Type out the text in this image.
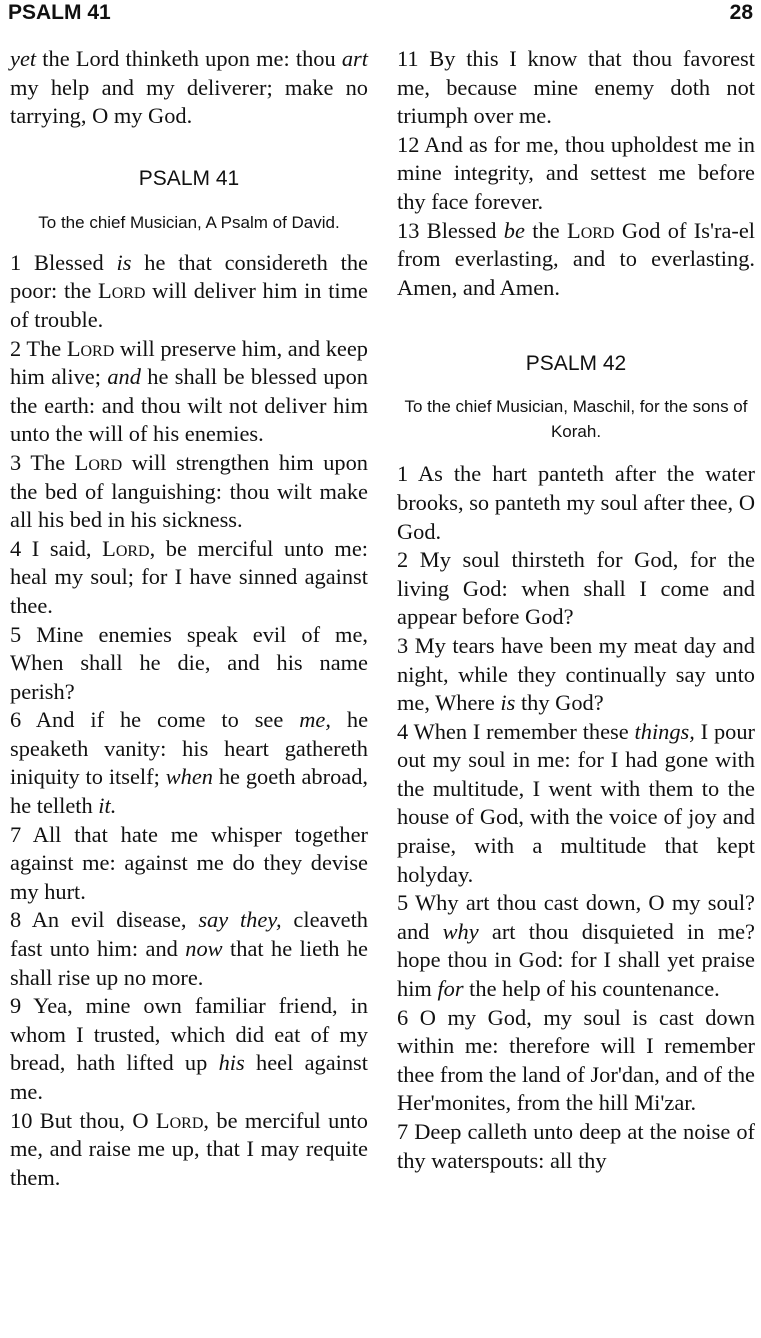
PSALM 41	28

yet the Lord thinketh upon me: thou art my help and my deliverer; make no tarrying, O my God.

PSALM 41

To the chief Musician, A Psalm of David.

1 Blessed is he that considereth the poor: the Lord will deliver him in time of trouble.

2 The Lord will preserve him, and keep him alive; and he shall be blessed upon the earth: and thou wilt not deliver him unto the will of his enemies.

3 The Lord will strengthen him upon the bed of languishing: thou wilt make all his bed in his sickness.

4 I said, Lord, be merciful unto me: heal my soul; for I have sinned against thee.

5 Mine enemies speak evil of me, When shall he die, and his name perish?

6 And if he come to see me, he speaketh vanity: his heart gathereth iniquity to itself; when he goeth abroad, he telleth it.

7 All that hate me whisper together against me: against me do they devise my hurt.

8 An evil disease, say they, cleaveth fast unto him: and now that he lieth he shall rise up no more.

9 Yea, mine own familiar friend, in whom I trusted, which did eat of my bread, hath lifted up his heel against me.

10 But thou, O Lord, be merciful unto me, and raise me up, that I may requite them.

11 By this I know that thou favorest me, because mine enemy doth not triumph over me.

12 And as for me, thou upholdest me in mine integrity, and settest me before thy face forever.

13 Blessed be the Lord God of Is'ra-el from everlasting, and to everlasting. Amen, and Amen.

PSALM 42

To the chief Musician, Maschil, for the sons of Korah.

1 As the hart panteth after the water brooks, so panteth my soul after thee, O God.

2 My soul thirsteth for God, for the living God: when shall I come and appear before God?

3 My tears have been my meat day and night, while they continually say unto me, Where is thy God?

4 When I remember these things, I pour out my soul in me: for I had gone with the multitude, I went with them to the house of God, with the voice of joy and praise, with a multitude that kept holyday.

5 Why art thou cast down, O my soul? and why art thou disquieted in me? hope thou in God: for I shall yet praise him for the help of his countenance.

6 O my God, my soul is cast down within me: therefore will I remember thee from the land of Jor'dan, and of the Her'monites, from the hill Mi'zar.

7 Deep calleth unto deep at the noise of thy waterspouts: all thy
